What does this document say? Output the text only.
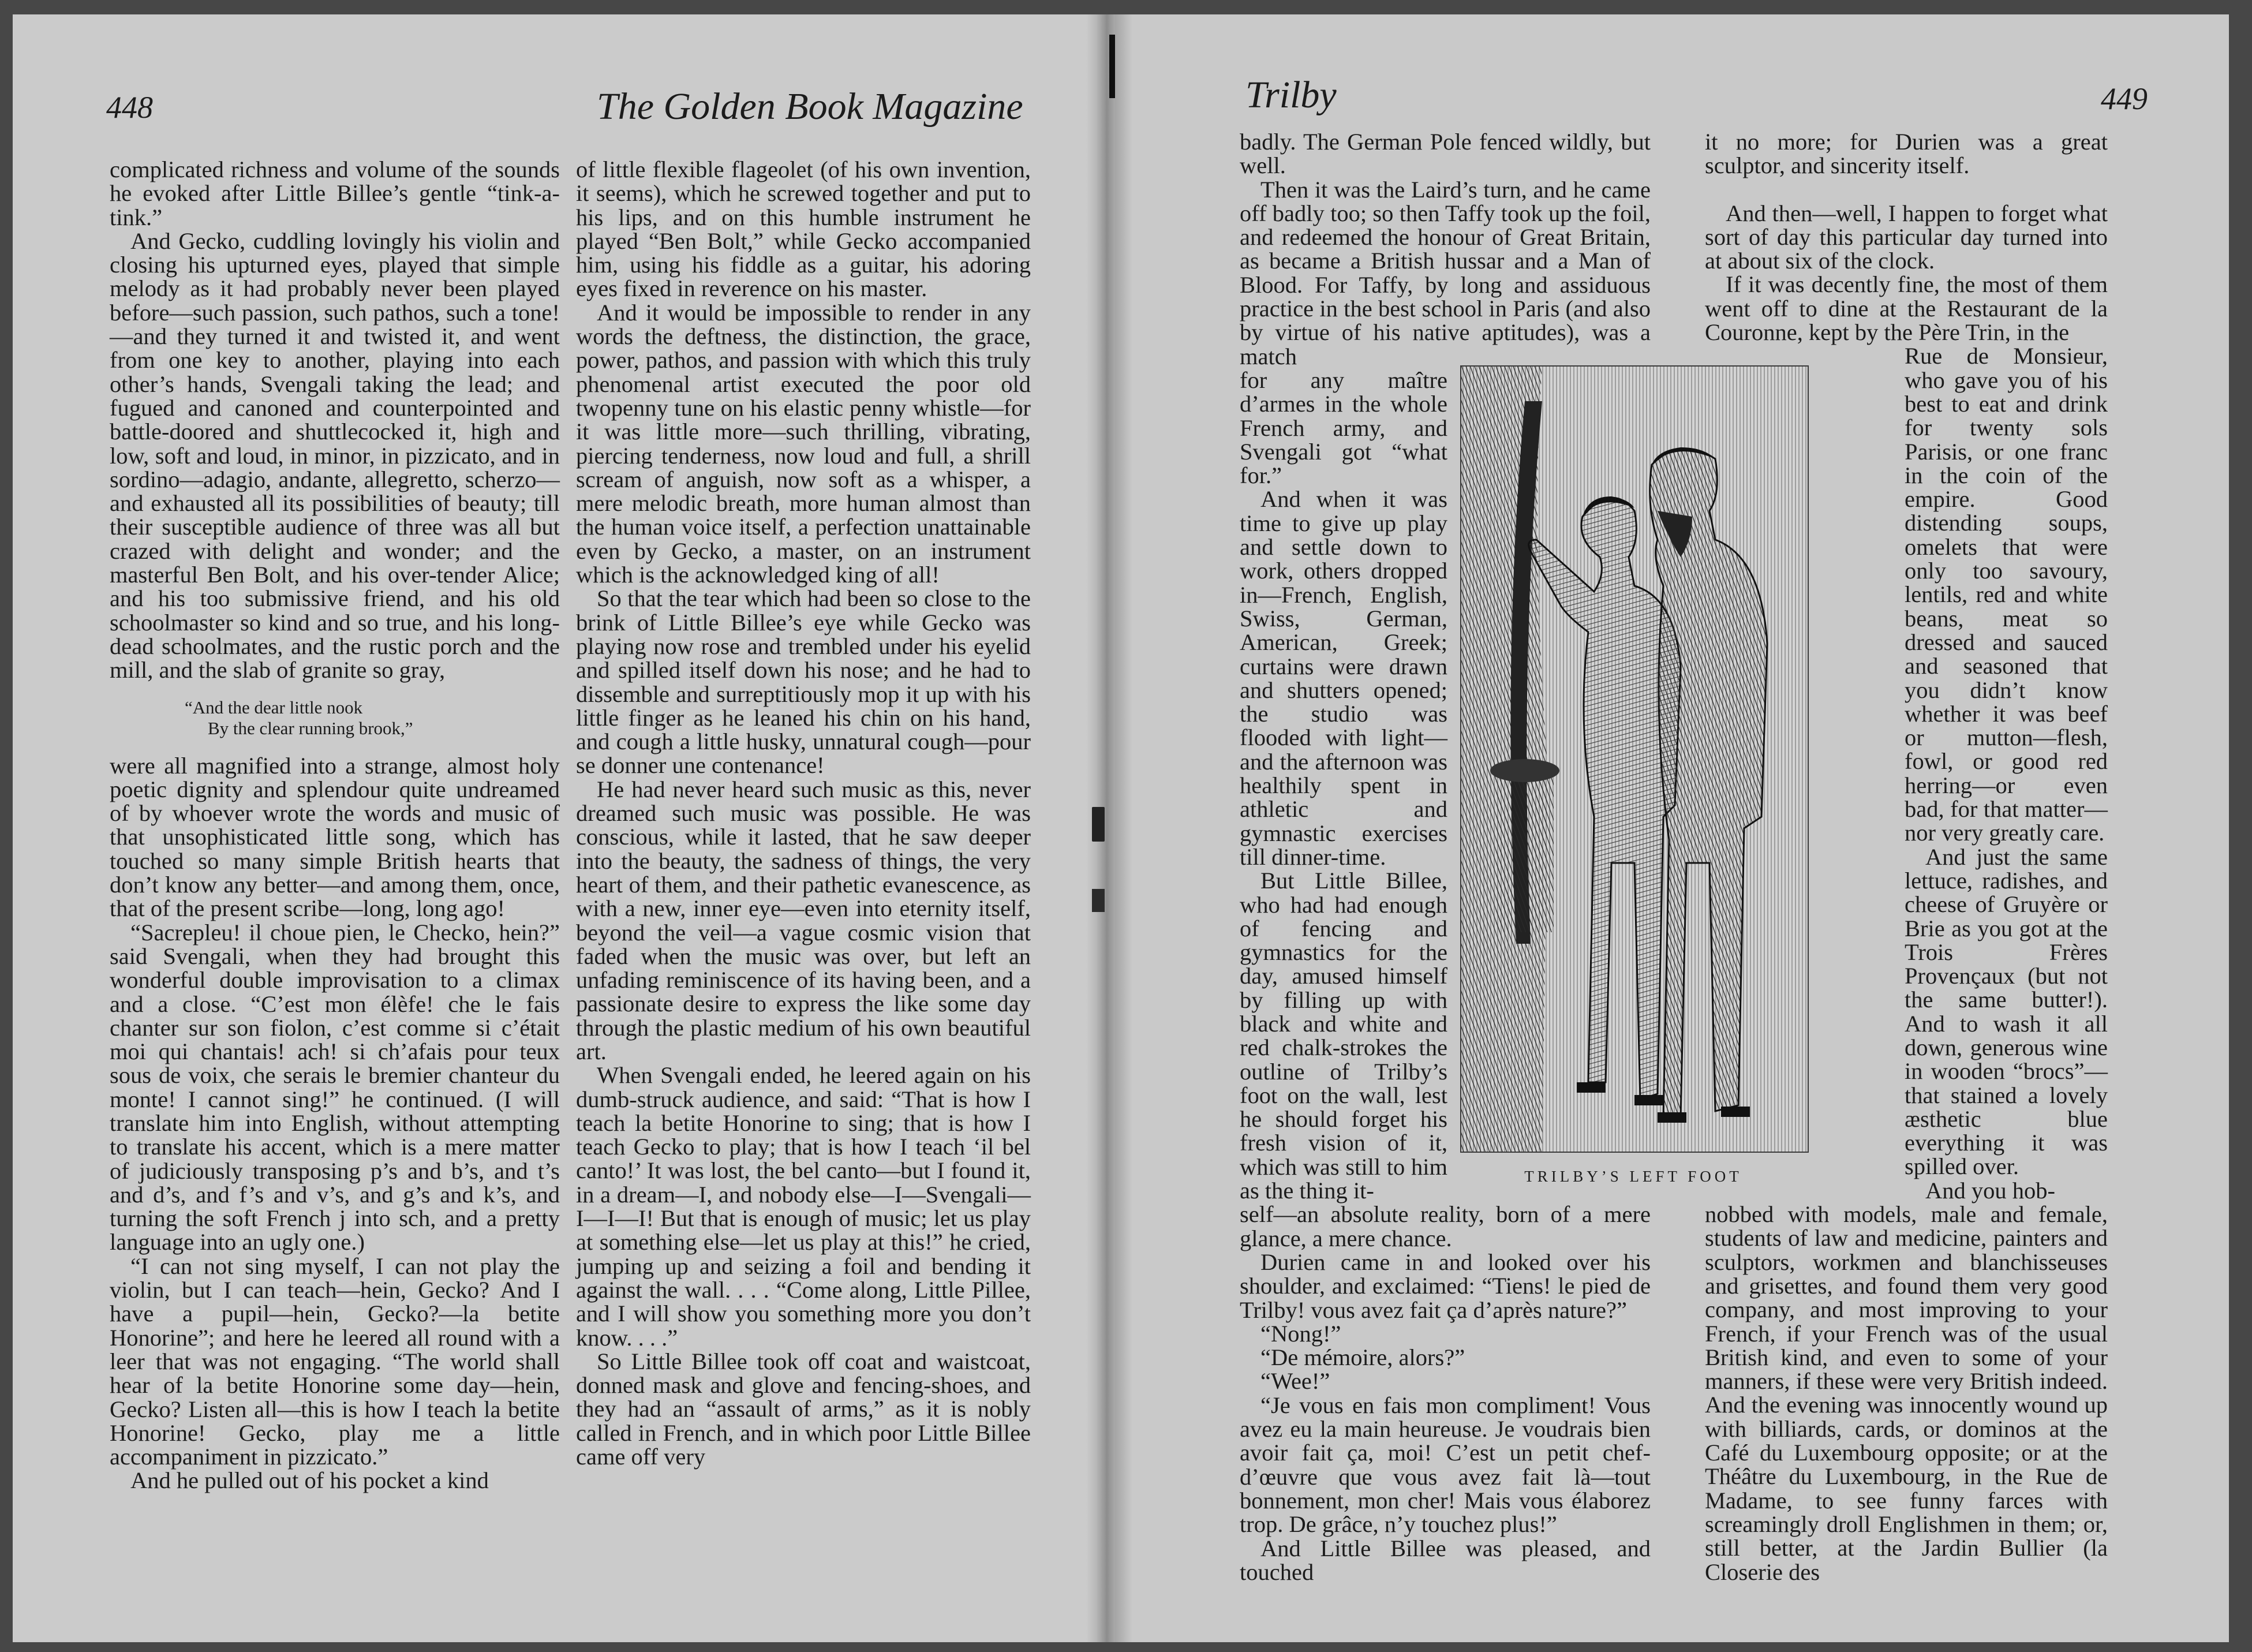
448	The Golden Book Magazine

complicated richness and volume of the sounds he evoked after Little Billee’s gentle “tink-a-tink.”

And Gecko, cuddling lovingly his violin and closing his upturned eyes, played that simple melody as it had probably never been played before—such passion, such pathos, such a tone!—and they turned it and twisted it, and went from one key to another, playing into each other’s hands, Svengali taking the lead; and fugued and canoned and counterpointed and battle-doored and shuttlecocked it, high and low, soft and loud, in minor, in pizzicato, and in sordino—adagio, andante, allegretto, scherzo—and exhausted all its possibilities of beauty; till their susceptible audience of three was all but crazed with delight and wonder; and the masterful Ben Bolt, and his over-tender Alice; and his too submissive friend, and his old schoolmaster so kind and so true, and his long-dead schoolmates, and the rustic porch and the mill, and the slab of granite so gray,

“And the dear little nook
By the clear running brook,”

were all magnified into a strange, almost holy poetic dignity and splendour quite undreamed of by whoever wrote the words and music of that unsophisticated little song, which has touched so many simple British hearts that don’t know any better—and among them, once, that of the present scribe—long, long ago!

“Sacrepleu! il choue pien, le Checko, hein?” said Svengali, when they had brought this wonderful double improvisation to a climax and a close. “C’est mon élèfe! che le fais chanter sur son fiolon, c’est comme si c’était moi qui chantais! ach! si ch’afais pour teux sous de voix, che serais le bremier chanteur du monte! I cannot sing!” he continued. (I will translate him into English, without attempting to translate his accent, which is a mere matter of judiciously transposing p’s and b’s, and t’s and d’s, and f’s and v’s, and g’s and k’s, and turning the soft French j into sch, and a pretty language into an ugly one.)

“I can not sing myself, I can not play the violin, but I can teach—hein, Gecko? And I have a pupil—hein, Gecko?—la betite Honorine”; and here he leered all round with a leer that was not engaging. “The world shall hear of la betite Honorine some day—hein, Gecko? Listen all—this is how I teach la betite Honorine! Gecko, play me a little accompaniment in pizzicato.”

And he pulled out of his pocket a kind

of little flexible flageolet (of his own invention, it seems), which he screwed together and put to his lips, and on this humble instrument he played “Ben Bolt,” while Gecko accompanied him, using his fiddle as a guitar, his adoring eyes fixed in reverence on his master.

And it would be impossible to render in any words the deftness, the distinction, the grace, power, pathos, and passion with which this truly phenomenal artist executed the poor old twopenny tune on his elastic penny whistle—for it was little more—such thrilling, vibrating, piercing tenderness, now loud and full, a shrill scream of anguish, now soft as a whisper, a mere melodic breath, more human almost than the human voice itself, a perfection unattainable even by Gecko, a master, on an instrument which is the acknowledged king of all!

So that the tear which had been so close to the brink of Little Billee’s eye while Gecko was playing now rose and trembled under his eyelid and spilled itself down his nose; and he had to dissemble and surreptitiously mop it up with his little finger as he leaned his chin on his hand, and cough a little husky, unnatural cough—pour se donner une contenance!

He had never heard such music as this, never dreamed such music was possible. He was conscious, while it lasted, that he saw deeper into the beauty, the sadness of things, the very heart of them, and their pathetic evanescence, as with a new, inner eye—even into eternity itself, beyond the veil—a vague cosmic vision that faded when the music was over, but left an unfading reminiscence of its having been, and a passionate desire to express the like some day through the plastic medium of his own beautiful art.

When Svengali ended, he leered again on his dumb-struck audience, and said: “That is how I teach la betite Honorine to sing; that is how I teach Gecko to play; that is how I teach ‘il bel canto!’ It was lost, the bel canto—but I found it, in a dream—I, and nobody else—I—Svengali—I—I—I! But that is enough of music; let us play at something else—let us play at this!” he cried, jumping up and seizing a foil and bending it against the wall. . . . “Come along, Little Pillee, and I will show you something more you don’t know. . . .”

So Little Billee took off coat and waistcoat, donned mask and glove and fencing-shoes, and they had an “assault of arms,” as it is nobly called in French, and in which poor Little Billee came off very

Trilby	449

badly. The German Pole fenced wildly, but well.

Then it was the Laird’s turn, and he came off badly too; so then Taffy took up the foil, and redeemed the honour of Great Britain, as became a British hussar and a Man of Blood. For Taffy, by long and assiduous practice in the best school in Paris (and also by virtue of his native aptitudes), was a match

for any maître d’armes in the whole French army, and Svengali got “what for.”

And when it was time to give up play and settle down to work, others dropped in—French, English, Swiss, German, American, Greek; curtains were drawn and shutters opened; the studio was flooded with light—and the afternoon was healthily spent in athletic and gymnastic exercises till dinner-time.

But Little Billee, who had had enough of fencing and gymnastics for the day, amused himself by filling up with black and white and red chalk-strokes the outline of Trilby’s foot on the wall, lest he should forget his fresh vision of it, which was still to him as the thing it-

self—an absolute reality, born of a mere glance, a mere chance.

Durien came in and looked over his shoulder, and exclaimed: “Tiens! le pied de Trilby! vous avez fait ça d’après nature?”

“Nong!”

“De mémoire, alors?”

“Wee!”

“Je vous en fais mon compliment! Vous avez eu la main heureuse. Je voudrais bien avoir fait ça, moi! C’est un petit chef-d’œuvre que vous avez fait là—tout bonnement, mon cher! Mais vous élaborez trop. De grâce, n’y touchez plus!”

And Little Billee was pleased, and touched

it no more; for Durien was a great sculptor, and sincerity itself.

And then—well, I happen to forget what sort of day this particular day turned into at about six of the clock.

If it was decently fine, the most of them went off to dine at the Restaurant de la Couronne, kept by the Père Trin, in the

Rue de Monsieur, who gave you of his best to eat and drink for twenty sols Parisis, or one franc in the coin of the empire. Good distending soups, omelets that were only too savoury, lentils, red and white beans, meat so dressed and sauced and seasoned that you didn’t know whether it was beef or mutton—flesh, fowl, or good red herring—or even bad, for that matter—nor very greatly care.

And just the same lettuce, radishes, and cheese of Gruyère or Brie as you got at the Trois Frères Provençaux (but not the same butter!). And to wash it all down, generous wine in wooden “brocs”—that stained a lovely æsthetic blue everything it was spilled over.

And you hob-

nobbed with models, male and female, students of law and medicine, painters and sculptors, workmen and blanchisseuses and grisettes, and found them very good company, and most improving to your French, if your French was of the usual British kind, and even to some of your manners, if these were very British indeed. And the evening was innocently wound up with billiards, cards, or dominos at the Café du Luxembourg opposite; or at the Théâtre du Luxembourg, in the Rue de Madame, to see funny farces with screamingly droll Englishmen in them; or, still better, at the Jardin Bullier (la Closerie des

TRILBY’S LEFT FOOT
